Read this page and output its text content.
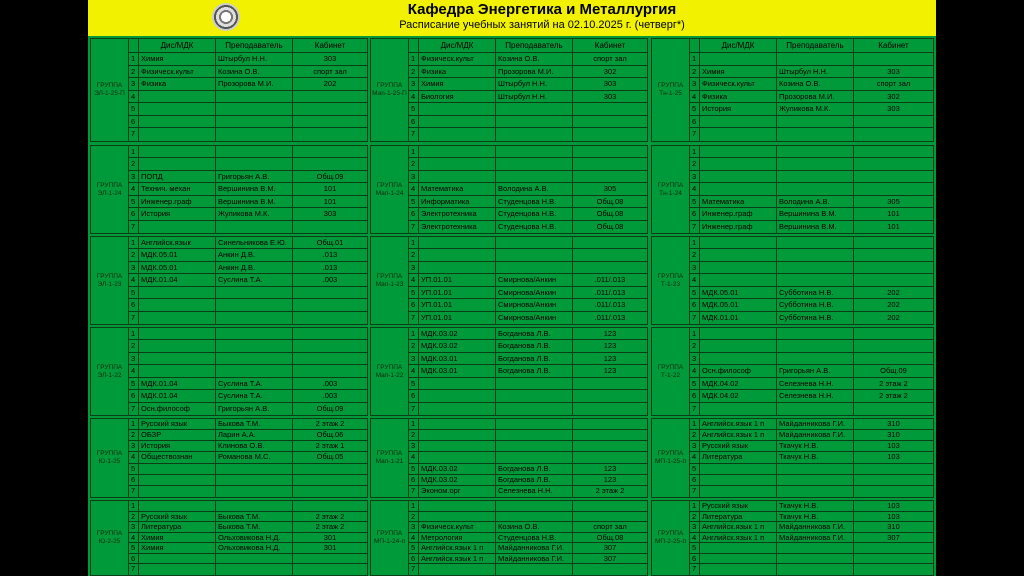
Кафедра Энергетика и Металлургия
Расписание учебных занятий на 02.10.2025 г. (четверг*)
ГРУППА ЭЛ-1-25-П
Дис/МДК	Преподаватель	Кабинет
1 Химия	Штырбул Н.Н.	303
2 Физическ.культ	Козина О.В.	спорт зал
3 Физика	Прозорова М.И.	202
4
5
6
7
ГРУППА Мап-1-25-П
Дис/МДК	Преподаватель	Кабинет
1 Физическ.культ	Козина О.В.	спорт зал
2 Физика	Прозорова М.И.	302
3 Химия	Штырбул Н.Н.	303
4 Биология	Штырбул Н.Н.	303
5
6
7
ГРУППА Тн-1-25
Дис/МДК	Преподаватель	Кабинет
1
2 Химия	Штырбул Н.Н.	303
3 Физическ.культ	Козина О.В.	спорт зал
4 Физика	Прозорова М.И.	302
5 История	Жуликова М.К.	303
6
7
ГРУППА ЭЛ-1-24
1
2
3 ПОПД	Григорьян А.В.	Общ.09
4 Технич. механ	Вершинина В.М.	101
5 Инженер.граф	Вершинина В.М.	101
6 История	Жуликова М.К.	303
7
ГРУППА Мап-1-24
1
2
3
4 Математика	Володина А.В.	305
5 Информатика	Студенцова Н.В.	Общ.08
6 Электротехника	Студенцова Н.В.	Общ.08
7 Электротехника	Студенцова Н.В.	Общ.08
ГРУППА Тн-1-24
1
2
3
4
5 Математика	Володина А.В.	305
6 Инженер.граф	Вершинина В.М.	101
7 Инженер.граф	Вершинина В.М.	101
ГРУППА ЭЛ-1-23
1 Английск.язык	Синельникова Е.Ю.	Общ.01
2 МДК.05.01	Анкин Д.В.	.013
3 МДК.05.01	Анкин Д.В.	.013
4 МДК.01.04	Суслина Т.А.	.003
5
6
7
ГРУППА Мап-1-23
1
2
3
4 УП.01.01	Смирнова/Анкин	.011/.013
5 УП.01.01	Смирнова/Анкин	.011/.013
6 УП.01.01	Смирнова/Анкин	.011/.013
7 УП.01.01	Смирнова/Анкин	.011/.013
ГРУППА Т-1-23
1
2
3
4
5 МДК.05.01	Субботина Н.В.	202
6 МДК.05.01	Субботина Н.В.	202
7 МДК.01.01	Субботина Н.В.	202
ГРУППА ЭЛ-1-22
1
2
3
4
5 МДК.01.04	Суслина Т.А.	.003
6 МДК.01.04	Суслина Т.А.	.003
7 Осн.философ	Григорьян А.В.	Общ.09
ГРУППА Мап-1-22
1 МДК.03.02	Богданова Л.В.	123
2 МДК.03.02	Богданова Л.В.	123
3 МДК.03.01	Богданова Л.В.	123
4 МДК.03.01	Богданова Л.В.	123
5
6
7
ГРУППА Т-1-22
1
2
3
4 Осн.философ	Григорьян А.В.	Общ.09
5 МДК.04.02	Селезнева Н.Н.	2 этаж 2
6 МДК.04.02	Селезнева Н.Н.	2 этаж 2
7
ГРУППА Ю-1-25
1 Русский язык	Быкова Т.М.	2 этаж 2
2 ОБЗР	Ларин А.А.	Общ.06
3 История	Клинова О.В.	2 этаж 1
4 Обществознан	Романова М.С.	Общ.05
5
6
7
ГРУППА Мап-1-21
1
2
3
4
5 МДК.03.02	Богданова Л.В.	123
6 МДК.03.02	Богданова Л.В.	123
7 Эконом.орг	Селезнева Н.Н.	2 этаж 2
ГРУППА МП-1-25-п
1 Английск.язык 1 п	Майданникова Г.И.	310
2 Английск.язык 1 п	Майданникова Г.И.	310
3 Русский язык	Ткачук Н.В.	103
4 Литература	Ткачук Н.В.	103
5
6
7
ГРУППА Ю-2-25
1
2 Русский язык	Быкова Т.М.	2 этаж 2
3 Литература	Быкова Т.М.	2 этаж 2
4 Химия	Ольховикова Н.Д.	301
5 Химия	Ольховикова Н.Д.	301
6
7
ГРУППА МП-1-24-п
1
2
3 Физическ.культ	Козина О.В.	спорт зал
4 Метрология	Студенцова Н.В.	Общ.08
5 Английск.язык 1 п	Майданникова Г.И.	307
6 Английск.язык 1 п	Майданникова Г.И.	307
7
ГРУППА МП-2-25-п
1 Русский язык	Ткачук Н.В.	103
2 Литература	Ткачук Н.В.	103
3 Английск.язык 1 п	Майданникова Г.И.	310
4 Английск.язык 1 п	Майданникова Г.И.	307
5
6
7
